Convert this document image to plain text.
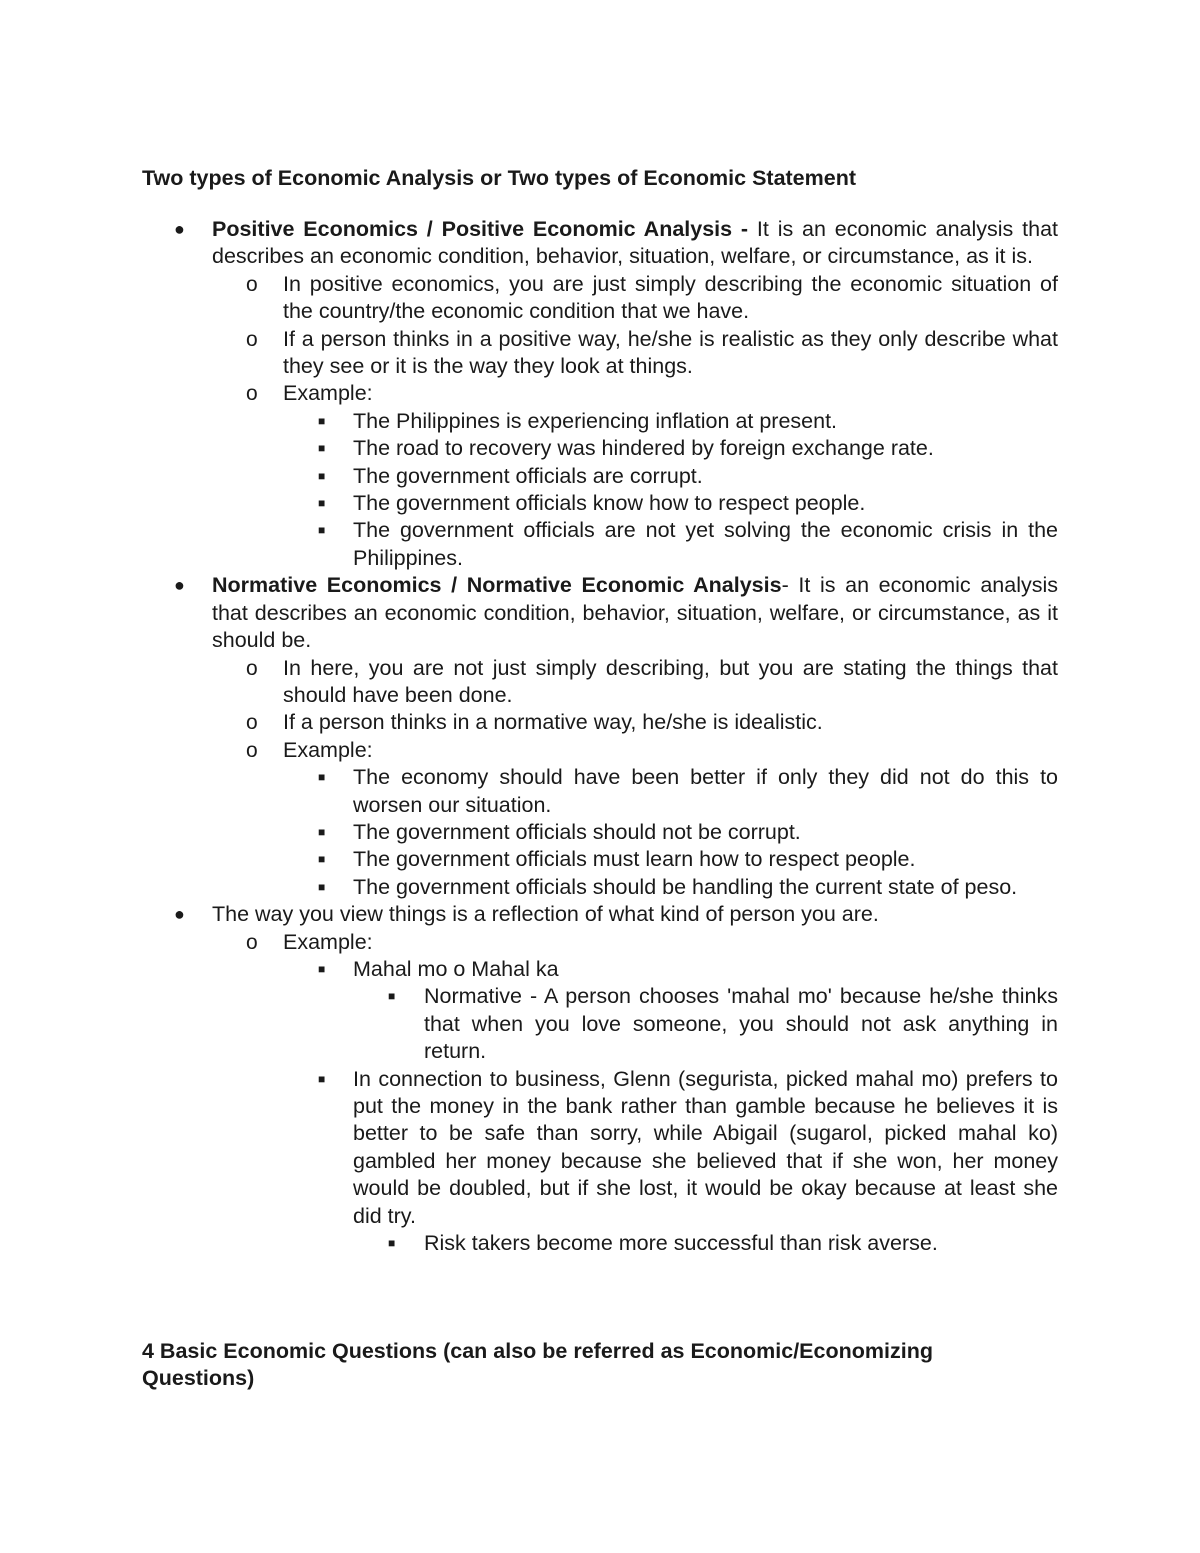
Two types of Economic Analysis or Two types of Economic Statement
● Positive Economics / Positive Economic Analysis - It is an economic analysis that describes an economic condition, behavior, situation, welfare, or circumstance, as it is.
o In positive economics, you are just simply describing the economic situation of the country/the economic condition that we have.
o If a person thinks in a positive way, he/she is realistic as they only describe what they see or it is the way they look at things.
o Example:
■ The Philippines is experiencing inflation at present.
■ The road to recovery was hindered by foreign exchange rate.
■ The government officials are corrupt.
■ The government officials know how to respect people.
■ The government officials are not yet solving the economic crisis in the Philippines.
● Normative Economics / Normative Economic Analysis- It is an economic analysis that describes an economic condition, behavior, situation, welfare, or circumstance, as it should be.
o In here, you are not just simply describing, but you are stating the things that should have been done.
o If a person thinks in a normative way, he/she is idealistic.
o Example:
■ The economy should have been better if only they did not do this to worsen our situation.
■ The government officials should not be corrupt.
■ The government officials must learn how to respect people.
■ The government officials should be handling the current state of peso.
● The way you view things is a reflection of what kind of person you are.
o Example:
■ Mahal mo o Mahal ka
■ Normative - A person chooses 'mahal mo' because he/she thinks that when you love someone, you should not ask anything in return.
■ In connection to business, Glenn (segurista, picked mahal mo) prefers to put the money in the bank rather than gamble because he believes it is better to be safe than sorry, while Abigail (sugarol, picked mahal ko) gambled her money because she believed that if she won, her money would be doubled, but if she lost, it would be okay because at least she did try.
■ Risk takers become more successful than risk averse.
4 Basic Economic Questions (can also be referred as Economic/Economizing Questions)
